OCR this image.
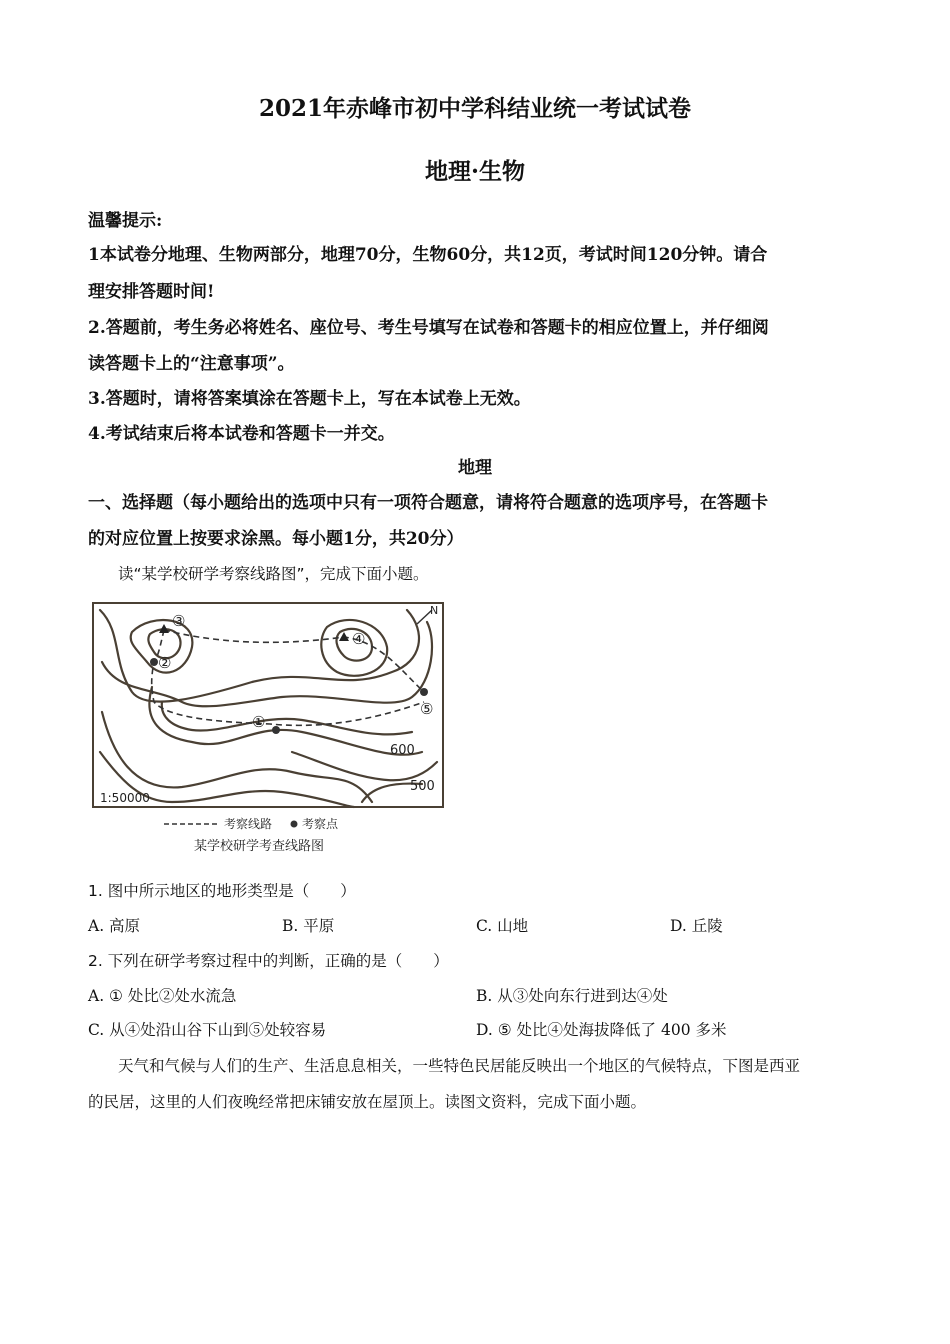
2021年赤峰市初中学科结业统一考试试卷
地理·生物
温馨提示:
1本试卷分地理、生物两部分，地理70分，生物60分，共12页，考试时间120分钟。请合
理安排答题时间!
2.答题前，考生务必将姓名、座位号、考生号填写在试卷和答题卡的相应位置上，并仔细阅
读答题卡上的“注意事项”。
3.答题时，请将答案填涂在答题卡上，写在本试卷上无效。
4.考试结束后将本试卷和答题卡一并交。
地理
一、选择题（每小题给出的选项中只有一项符合题意，请将符合题意的选项序号，在答题卡
的对应位置上按要求涂黑。每小题1分，共20分）
读“某学校研学考察线路图”，完成下面小题。
N
③
②
④
⑤
①
600
500
1:50000
考察线路 考察点
某学校研学考查线路图
1. 图中所示地区的地形类型是（　　）
A. 高原	B. 平原	C. 山地	D. 丘陵
2. 下列在研学考察过程中的判断，正确的是（　　）
A. ① 处比②处水流急	B. 从③处向东行进到达④处
C. 从④处沿山谷下山到⑤处较容易	D. ⑤ 处比④处海拔降低了 400 多米
天气和气候与人们的生产、生活息息相关，一些特色民居能反映出一个地区的气候特点，下图是西亚
的民居，这里的人们夜晚经常把床铺安放在屋顶上。读图文资料，完成下面小题。
